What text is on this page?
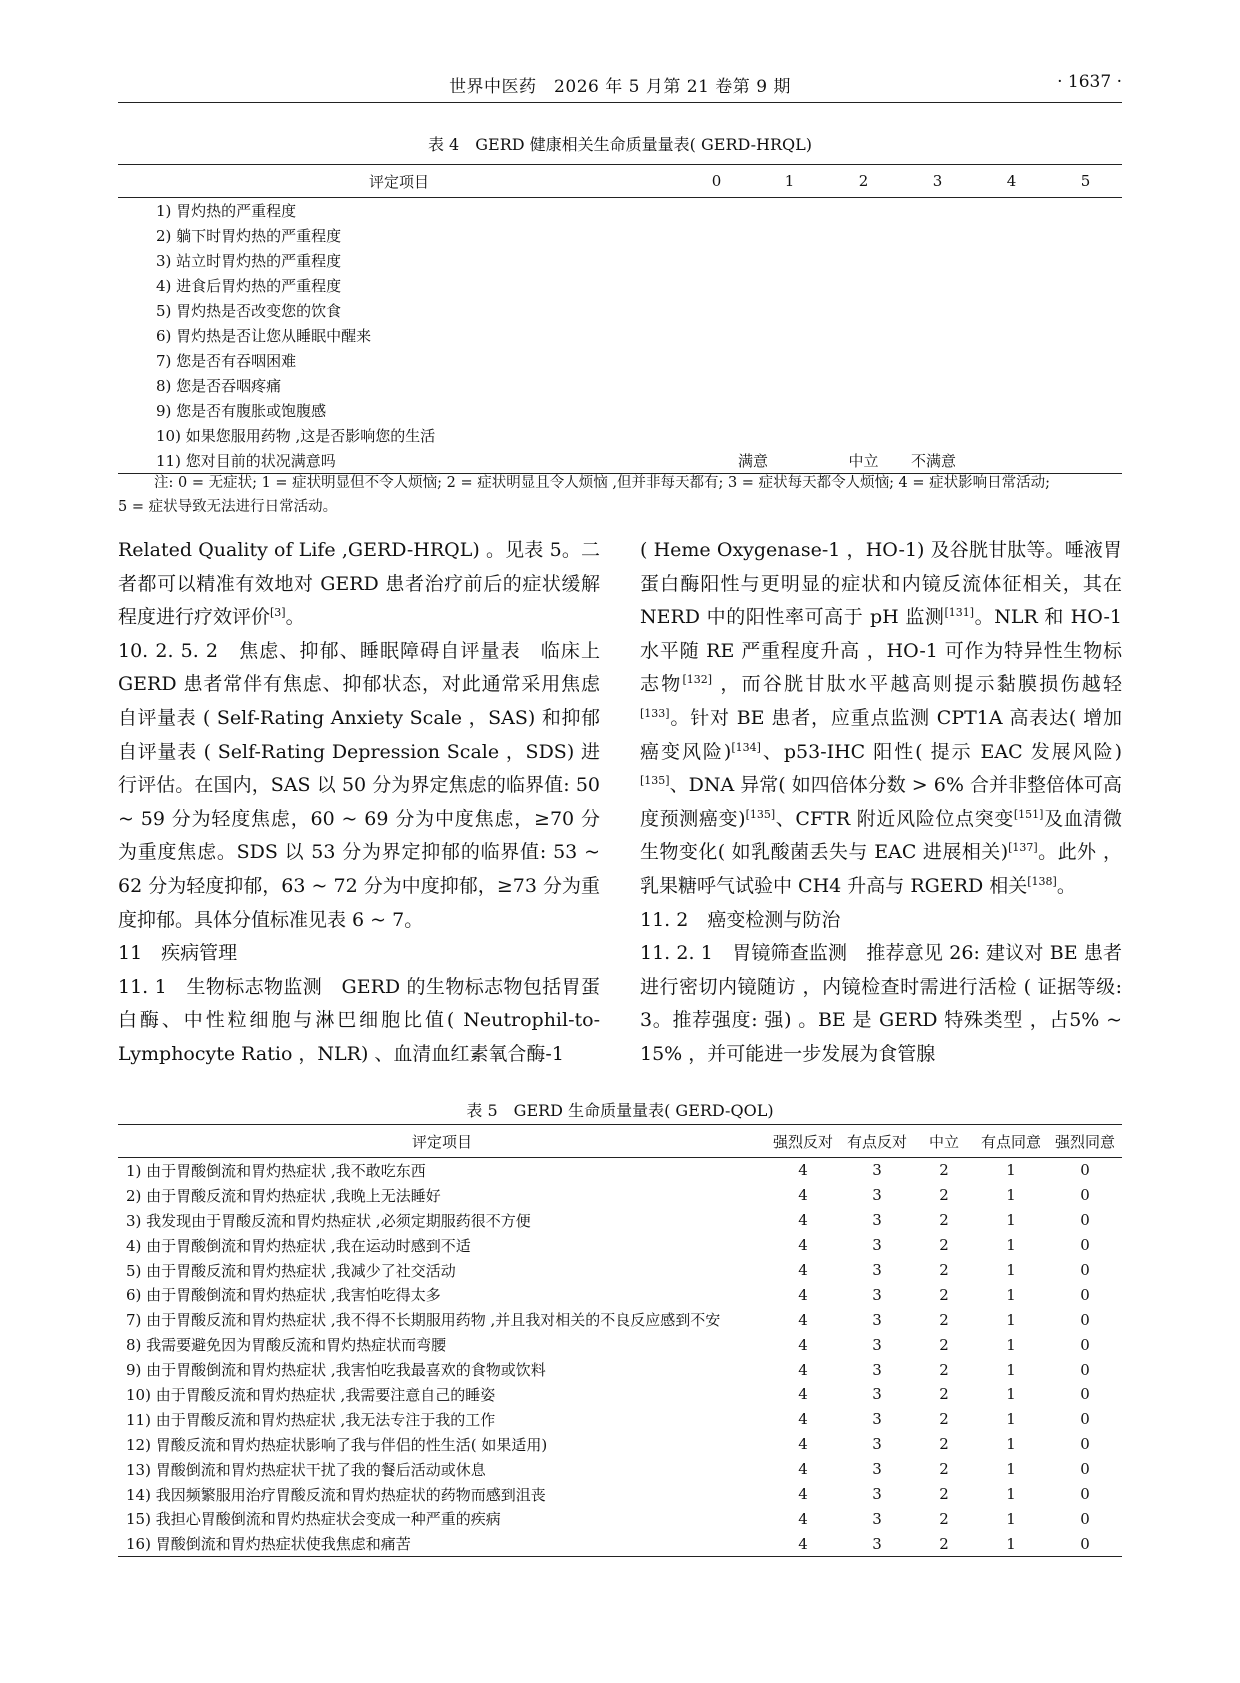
世界中医药　2026 年 5 月第 21 卷第 9 期	· 1637 ·
表 4　GERD 健康相关生命质量量表( GERD-HRQL)
评定项目	0	1	2	3	4	5
1) 胃灼热的严重程度						
2) 躺下时胃灼热的严重程度						
3) 站立时胃灼热的严重程度						
4) 进食后胃灼热的严重程度						
5) 胃灼热是否改变您的饮食						
6) 胃灼热是否让您从睡眠中醒来						
7) 您是否有吞咽困难						
8) 您是否吞咽疼痛						
9) 您是否有腹胀或饱腹感						
10) 如果您服用药物 ,这是否影响您的生活						
11) 您对目前的状况满意吗	满意		中立	不满意		
注: 0 = 无症状; 1 = 症状明显但不令人烦恼; 2 = 症状明显且令人烦恼 ,但并非每天都有; 3 = 症状每天都令人烦恼; 4 = 症状影响日常活动;
5 = 症状导致无法进行日常活动。

Related Quality of Life ,GERD-HRQL) 。见表 5。二者都可以精准有效地对 GERD 患者治疗前后的症状缓解程度进行疗效评价[3]。

10. 2. 5. 2　焦虑、抑郁、睡眠障碍自评量表　临床上 GERD 患者常伴有焦虑、抑郁状态，对此通常采用焦虑自评量表 ( Self-Rating Anxiety Scale ，SAS) 和抑郁自评量表 ( Self-Rating Depression Scale ，SDS) 进行评估。在国内，SAS 以 50 分为界定焦虑的临界值: 50 ~ 59 分为轻度焦虑，60 ~ 69 分为中度焦虑，≥70 分为重度焦虑。SDS 以 53 分为界定抑郁的临界值: 53 ~ 62 分为轻度抑郁，63 ~ 72 分为中度抑郁，≥73 分为重度抑郁。具体分值标准见表 6 ~ 7。

11　疾病管理

11. 1　生物标志物监测　GERD 的生物标志物包括胃蛋白酶、中性粒细胞与淋巴细胞比值( Neutrophil-to-Lymphocyte Ratio ，NLR) 、血清血红素氧合酶-1

( Heme Oxygenase-1 ，HO-1) 及谷胱甘肽等。唾液胃蛋白酶阳性与更明显的症状和内镜反流体征相关，其在 NERD 中的阳性率可高于 pH 监测[131]。NLR 和 HO-1 水平随 RE 严重程度升高 ，HO-1 可作为特异性生物标志物[132] ，而谷胱甘肽水平越高则提示黏膜损伤越轻[133]。针对 BE 患者，应重点监测 CPT1A 高表达( 增加癌变风险)[134]、p53-IHC 阳性( 提示 EAC 发展风险)[135]、DNA 异常( 如四倍体分数 > 6% 合并非整倍体可高度预测癌变)[135]、CFTR 附近风险位点突变[151]及血清微生物变化( 如乳酸菌丢失与 EAC 进展相关)[137]。此外 ，乳果糖呼气试验中 CH4 升高与 RGERD 相关[138]。

11. 2　癌变检测与防治

11. 2. 1　胃镜筛查监测　推荐意见 26: 建议对 BE 患者进行密切内镜随访 ，内镜检查时需进行活检 ( 证据等级: 3。推荐强度: 强) 。BE 是 GERD 特殊类型 ，占5% ~ 15% ，并可能进一步发展为食管腺

表 5　GERD 生命质量量表( GERD-QOL)
评定项目	强烈反对	有点反对	中立	有点同意	强烈同意
1) 由于胃酸倒流和胃灼热症状 ,我不敢吃东西	4	3	2	1	0
2) 由于胃酸反流和胃灼热症状 ,我晚上无法睡好	4	3	2	1	0
3) 我发现由于胃酸反流和胃灼热症状 ,必须定期服药很不方便	4	3	2	1	0
4) 由于胃酸倒流和胃灼热症状 ,我在运动时感到不适	4	3	2	1	0
5) 由于胃酸反流和胃灼热症状 ,我减少了社交活动	4	3	2	1	0
6) 由于胃酸倒流和胃灼热症状 ,我害怕吃得太多	4	3	2	1	0
7) 由于胃酸反流和胃灼热症状 ,我不得不长期服用药物 ,并且我对相关的不良反应感到不安	4	3	2	1	0
8) 我需要避免因为胃酸反流和胃灼热症状而弯腰	4	3	2	1	0
9) 由于胃酸倒流和胃灼热症状 ,我害怕吃我最喜欢的食物或饮料	4	3	2	1	0
10) 由于胃酸反流和胃灼热症状 ,我需要注意自己的睡姿	4	3	2	1	0
11) 由于胃酸反流和胃灼热症状 ,我无法专注于我的工作	4	3	2	1	0
12) 胃酸反流和胃灼热症状影响了我与伴侣的性生活( 如果适用)	4	3	2	1	0
13) 胃酸倒流和胃灼热症状干扰了我的餐后活动或休息	4	3	2	1	0
14) 我因频繁服用治疗胃酸反流和胃灼热症状的药物而感到沮丧	4	3	2	1	0
15) 我担心胃酸倒流和胃灼热症状会变成一种严重的疾病	4	3	2	1	0
16) 胃酸倒流和胃灼热症状使我焦虑和痛苦	4	3	2	1	0
